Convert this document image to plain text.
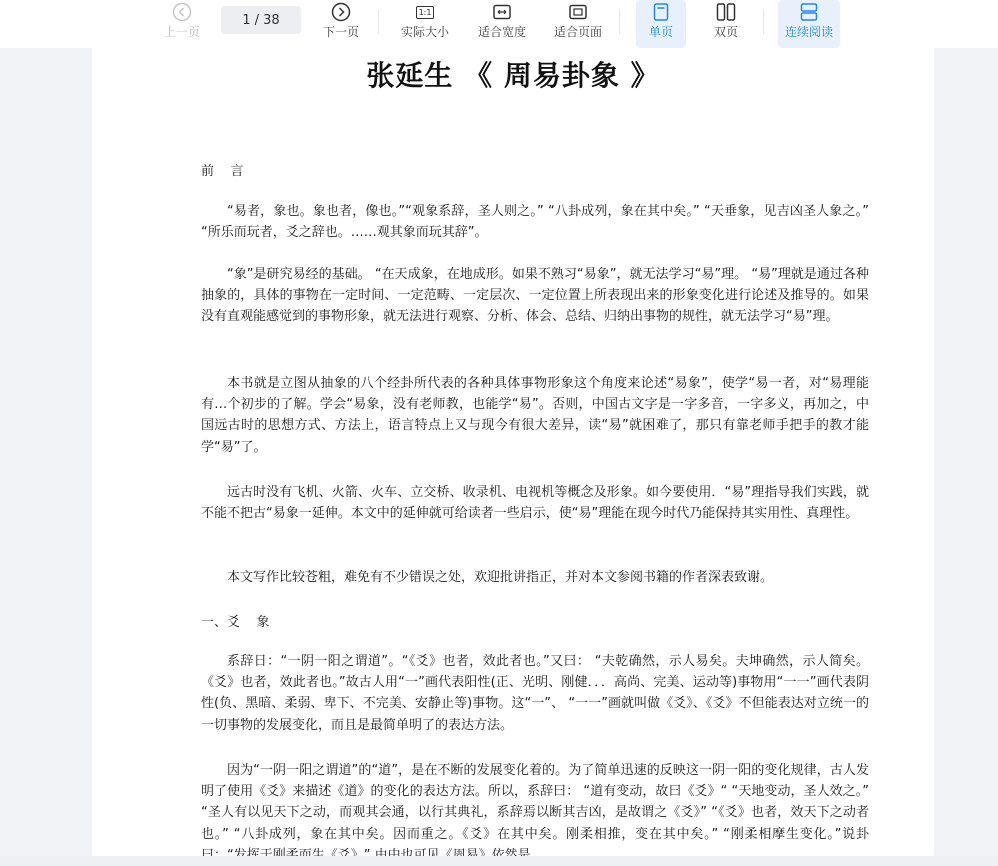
上一页
1 / 38
下一页
1:1
实际大小 适合宽度 适合页面	单页	双页	连续阅读
张延生 《 周易卦象 》
前    言
“易者，象也。象也者，像也。”“观象系辞，圣人则之。” “八卦成列，象在其中矣。” “天垂象，见吉凶圣人象之。” “所乐而玩者，爻之辞也。……观其象而玩其辞”。
“象”是研究易经的基础。 “在天成象，在地成形。如果不熟习“易象”，就无法学习“易”理。 “易”理就是通过各种抽象的，具体的事物在一定时间、一定范畴、一定层次、一定位置上所表现出来的形象变化进行论述及推导的。如果没有直观能感觉到的事物形象，就无法进行观察、分析、体会、总结、归纳出事物的规性，就无法学习“易”理。
本书就是立图从抽象的八个经卦所代表的各种具体事物形象这个角度来论述“易象”，使学“易一者，对“易理能有…个初步的了解。学会“易象，没有老师教，也能学“易”。否则，中国古文字是一字多音，一字多义，再加之，中国远古时的思想方式、方法上，语言特点上又与现今有很大差异，读“易”就困难了，那只有靠老师手把手的教才能学“易”了。
远古时没有飞机、火箭、火车、立交桥、收录机、电视机等概念及形象。如今要使用．“易”理指导我们实践，就不能不把古“易象一延伸。本文中的延伸就可给读者一些启示，使“易”理能在现今时代乃能保持其实用性、真理性。
本文写作比较苍粗，难免有不少错误之处，欢迎批讲指正，并对本文参阅书籍的作者深表致谢。
一、爻    象
系辞日：“一阴一阳之谓道”。“《爻》也者，效此者也。”又曰： “夫乾确然，示人易矣。夫坤确然，示人简矣。《爻》也者，效此者也。”故古人用“一”画代表阳性(正、光明、刚健．．．高尚、完美、运动等)事物用“一一”画代表阴性(负、黑暗、柔弱、卑下、不完美、安静止等)事物。这“一”、 “一一”画就叫做《爻》、《爻》不但能表达对立统一的一切事物的发展变化，而且是最简单明了的表达方法。
因为“一阴一阳之谓道”的“道”，是在不断的发展变化着的。为了简单迅速的反映这一阴一阳的变化规律，古人发明了使用《爻》来描述《道》的变化的表达方法。所以，系辞曰： “道有变动，故曰《爻》“ “天地变动，圣人效之。” “圣人有以见天下之动，而观其会通，以行其典礼，系辞焉以断其吉凶，是故谓之《爻》” “《爻》也者，效天下之动者也。” “八卦成列，象在其中矣。因而重之。《爻》在其中矣。刚柔相推，变在其中矣。” “刚柔相摩生变化。”说卦
